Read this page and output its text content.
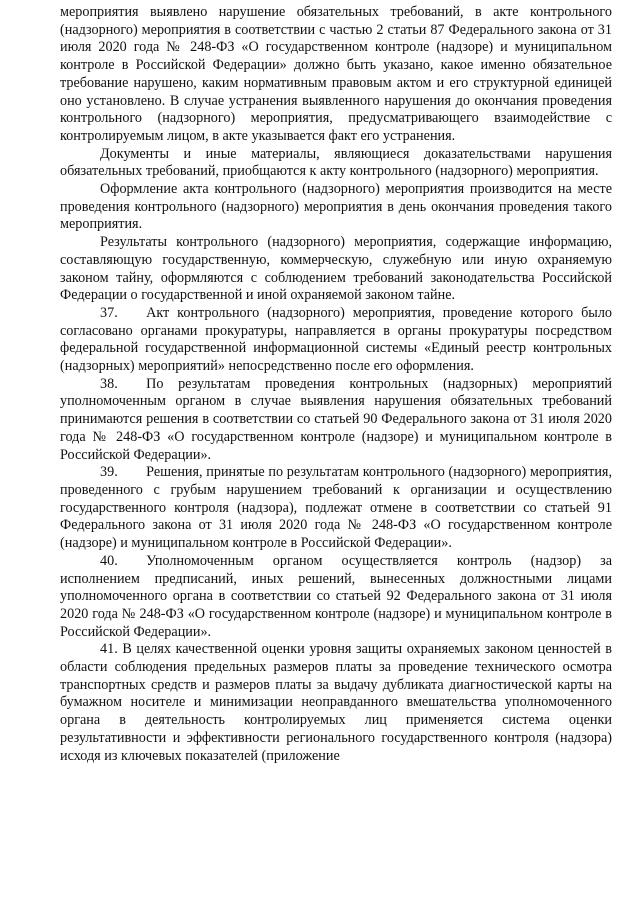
мероприятия выявлено нарушение обязательных требований, в акте контрольного (надзорного) мероприятия в соответствии с частью 2 статьи 87 Федерального закона от 31 июля 2020 года № 248-ФЗ «О государственном контроле (надзоре) и муниципальном контроле в Российской Федерации» должно быть указано, какое именно обязательное требование нарушено, каким нормативным правовым актом и его структурной единицей оно установлено. В случае устранения выявленного нарушения до окончания проведения контрольного (надзорного) мероприятия, предусматривающего взаимодействие с контролируемым лицом, в акте указывается факт его устранения.

Документы и иные материалы, являющиеся доказательствами нарушения обязательных требований, приобщаются к акту контрольного (надзорного) мероприятия.

Оформление акта контрольного (надзорного) мероприятия производится на месте проведения контрольного (надзорного) мероприятия в день окончания проведения такого мероприятия.

Результаты контрольного (надзорного) мероприятия, содержащие информацию, составляющую государственную, коммерческую, служебную или иную охраняемую законом тайну, оформляются с соблюдением требований законодательства Российской Федерации о государственной и иной охраняемой законом тайне.

37.  Акт контрольного (надзорного) мероприятия, проведение которого было согласовано органами прокуратуры, направляется в органы прокуратуры посредством федеральной государственной информационной системы «Единый реестр контрольных (надзорных) мероприятий» непосредственно после его оформления.

38.  По результатам проведения контрольных (надзорных) мероприятий уполномоченным органом в случае выявления нарушения обязательных требований принимаются решения в соответствии со статьей 90 Федерального закона от 31 июля 2020 года № 248-ФЗ «О государственном контроле (надзоре) и муниципальном контроле в Российской Федерации».

39.  Решения, принятые по результатам контрольного (надзорного) мероприятия, проведенного с грубым нарушением требований к организации и осуществлению государственного контроля (надзора), подлежат отмене в соответствии со статьей 91 Федерального закона от 31 июля 2020 года № 248-ФЗ «О государственном контроле (надзоре) и муниципальном контроле в Российской Федерации».

40.  Уполномоченным органом осуществляется контроль (надзор) за исполнением предписаний, иных решений, вынесенных должностными лицами уполномоченного органа в соответствии со статьей 92 Федерального закона от 31 июля 2020 года № 248-ФЗ «О государственном контроле (надзоре) и муниципальном контроле в Российской Федерации».

41. В целях качественной оценки уровня защиты охраняемых законом ценностей в области соблюдения предельных размеров платы за проведение технического осмотра транспортных средств и размеров платы за выдачу дубликата диагностической карты на бумажном носителе и минимизации неоправданного вмешательства уполномоченного органа в деятельность контролируемых лиц применяется система оценки результативности и эффективности регионального государственного контроля (надзора) исходя из ключевых показателей (приложение
